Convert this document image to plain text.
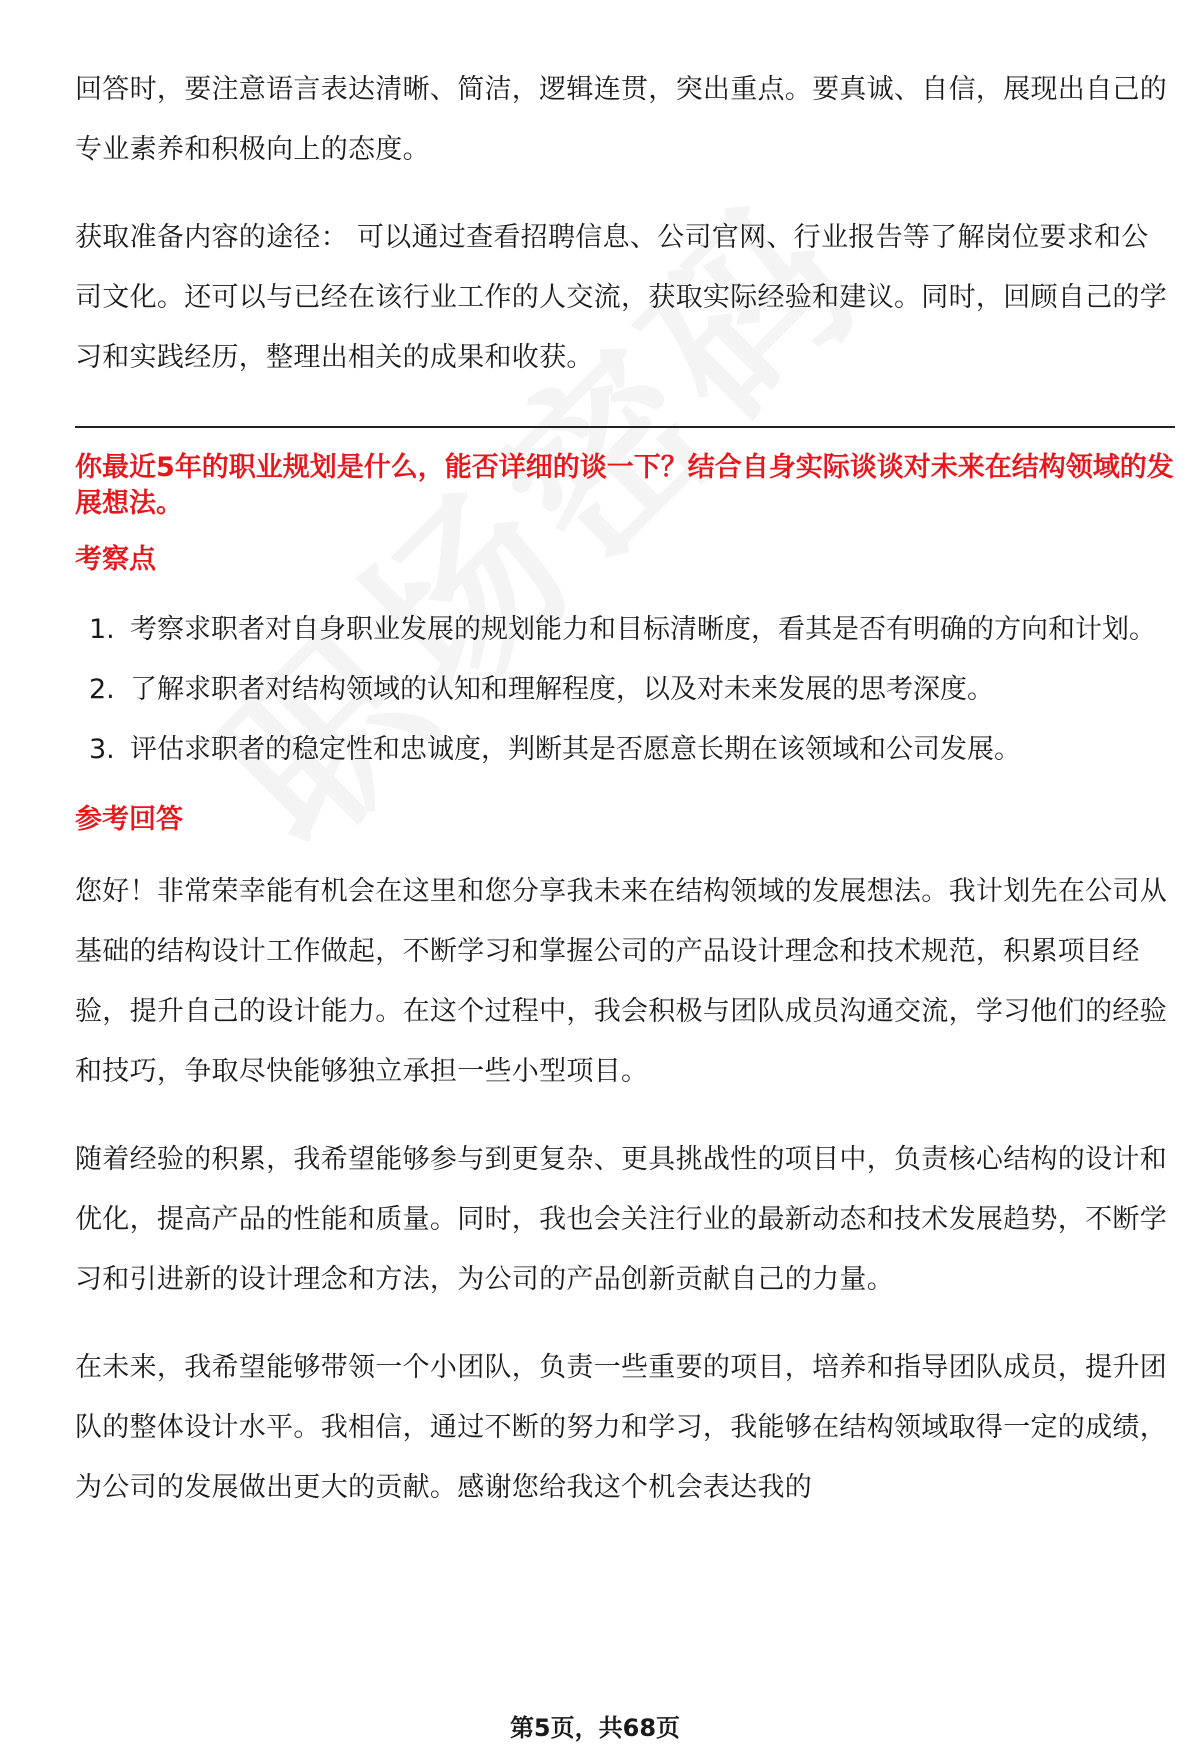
回答时，要注意语言表达清晰、简洁，逻辑连贯，突出重点。要真诚、自信，展现出自己的专业素养和积极向上的态度。

获取准备内容的途径： 可以通过查看招聘信息、公司官网、行业报告等了解岗位要求和公司文化。还可以与已经在该行业工作的人交流，获取实际经验和建议。同时，回顾自己的学习和实践经历，整理出相关的成果和收获。

你最近5年的职业规划是什么，能否详细的谈一下？结合自身实际谈谈对未来在结构领域的发展想法。
考察点
1. 考察求职者对自身职业发展的规划能力和目标清晰度，看其是否有明确的方向和计划。
2. 了解求职者对结构领域的认知和理解程度，以及对未来发展的思考深度。
3. 评估求职者的稳定性和忠诚度，判断其是否愿意长期在该领域和公司发展。
参考回答

您好！非常荣幸能有机会在这里和您分享我未来在结构领域的发展想法。我计划先在公司从基础的结构设计工作做起，不断学习和掌握公司的产品设计理念和技术规范，积累项目经验，提升自己的设计能力。在这个过程中，我会积极与团队成员沟通交流，学习他们的经验和技巧，争取尽快能够独立承担一些小型项目。

随着经验的积累，我希望能够参与到更复杂、更具挑战性的项目中，负责核心结构的设计和优化，提高产品的性能和质量。同时，我也会关注行业的最新动态和技术发展趋势，不断学习和引进新的设计理念和方法，为公司的产品创新贡献自己的力量。

在未来，我希望能够带领一个小团队，负责一些重要的项目，培养和指导团队成员，提升团队的整体设计水平。我相信，通过不断的努力和学习，我能够在结构领域取得一定的成绩，为公司的发展做出更大的贡献。感谢您给我这个机会表达我的

第5页，共68页
